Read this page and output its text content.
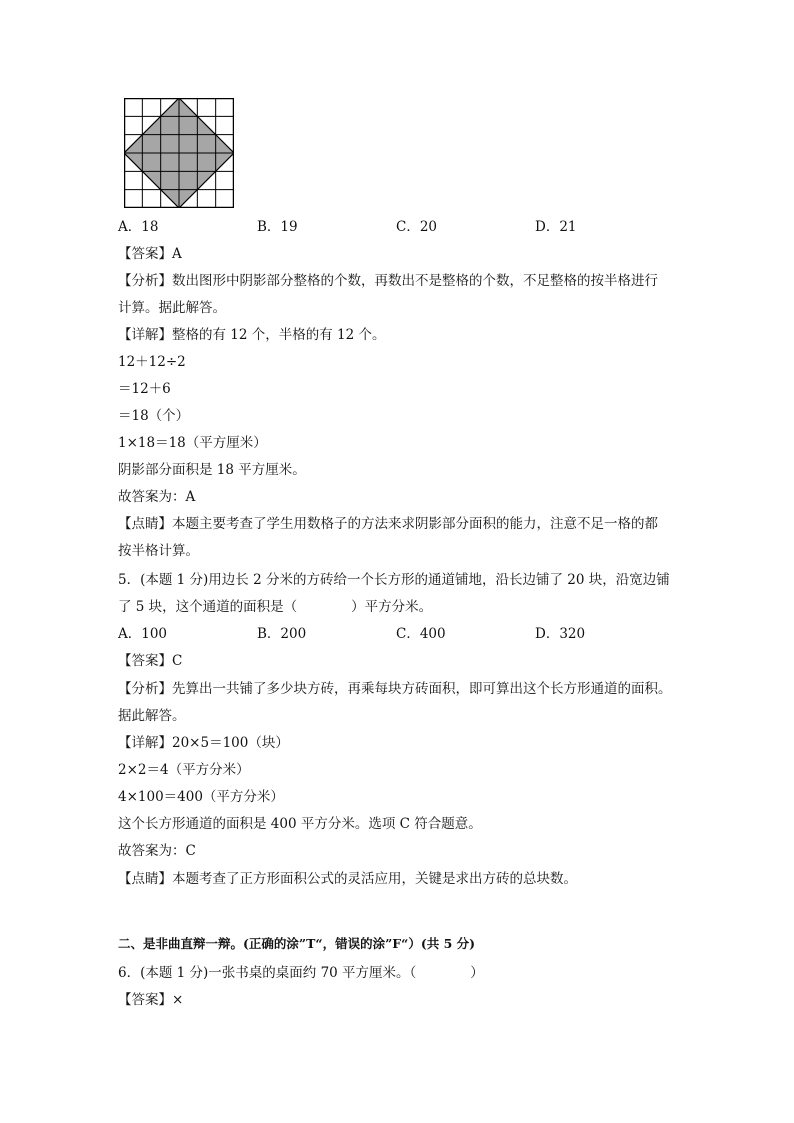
A．18	B．19	C．20	D．21
【答案】A
【分析】数出图形中阴影部分整格的个数，再数出不是整格的个数，不足整格的按半格进行
计算。据此解答。
【详解】整格的有 12 个，半格的有 12 个。
12＋12÷2
＝12＋6
＝18（个）
1×18＝18（平方厘米）
阴影部分面积是 18 平方厘米。
故答案为：A
【点睛】本题主要考查了学生用数格子的方法来求阴影部分面积的能力，注意不足一格的都
按半格计算。
5．(本题 1 分)用边长 2 分米的方砖给一个长方形的通道铺地，沿长边铺了 20 块，沿宽边铺
了 5 块，这个通道的面积是（　　　　）平方分米。
A．100	B．200	C．400	D．320
【答案】C
【分析】先算出一共铺了多少块方砖，再乘每块方砖面积，即可算出这个长方形通道的面积。
据此解答。
【详解】20×5＝100（块）
2×2＝4（平方分米）
4×100＝400（平方分米）
这个长方形通道的面积是 400 平方分米。选项 C 符合题意。
故答案为：C
【点睛】本题考查了正方形面积公式的灵活应用，关键是求出方砖的总块数。
二、是非曲直辩一辩。(正确的涂”T“，错误的涂”F“）(共 5 分)
6．(本题 1 分)一张书桌的桌面约 70 平方厘米。（　　　　）
【答案】×
